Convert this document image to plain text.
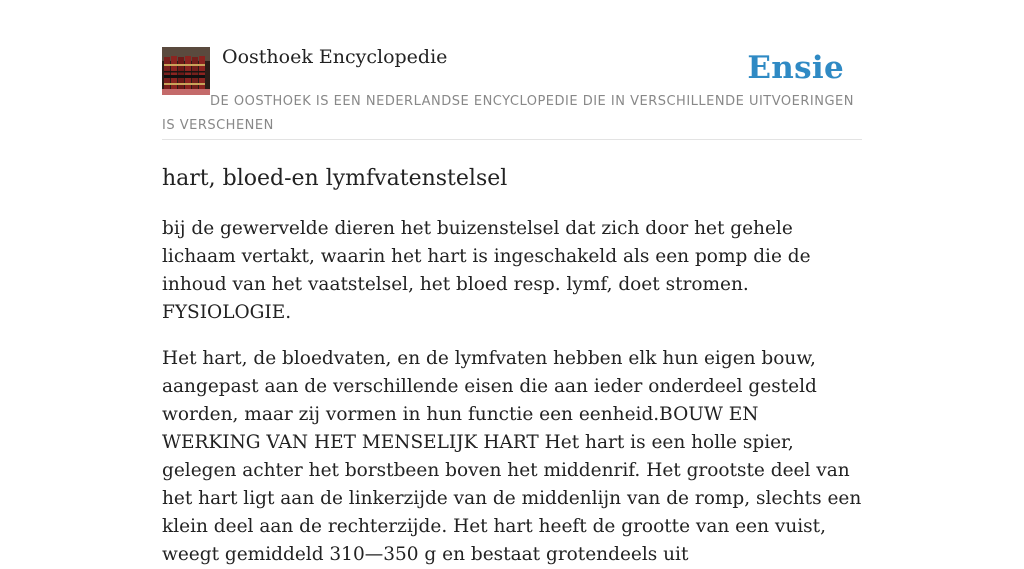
Oosthoek Encyclopedie	Ensie
DE OOSTHOEK IS EEN NEDERLANDSE ENCYCLOPEDIE DIE IN VERSCHILLENDE UITVOERINGEN IS VERSCHENEN
hart, bloed-en lymfvatenstelsel

bij de gewervelde dieren het buizenstelsel dat zich door het gehele lichaam vertakt, waarin het hart is ingeschakeld als een pomp die de inhoud van het vaatstelsel, het bloed resp. lymf, doet stromen. FYSIOLOGIE.

Het hart, de bloedvaten, en de lymfvaten hebben elk hun eigen bouw, aangepast aan de verschillende eisen die aan ieder onderdeel gesteld worden, maar zij vormen in hun functie een eenheid.BOUW EN WERKING VAN HET MENSELIJK HART Het hart is een holle spier, gelegen achter het borstbeen boven het middenrif. Het grootste deel van het hart ligt aan de linkerzijde van de middenlijn van de romp, slechts een klein deel aan de rechterzijde. Het hart heeft de grootte van een vuist, weegt gemiddeld 310—350 g en bestaat grotendeels uit
